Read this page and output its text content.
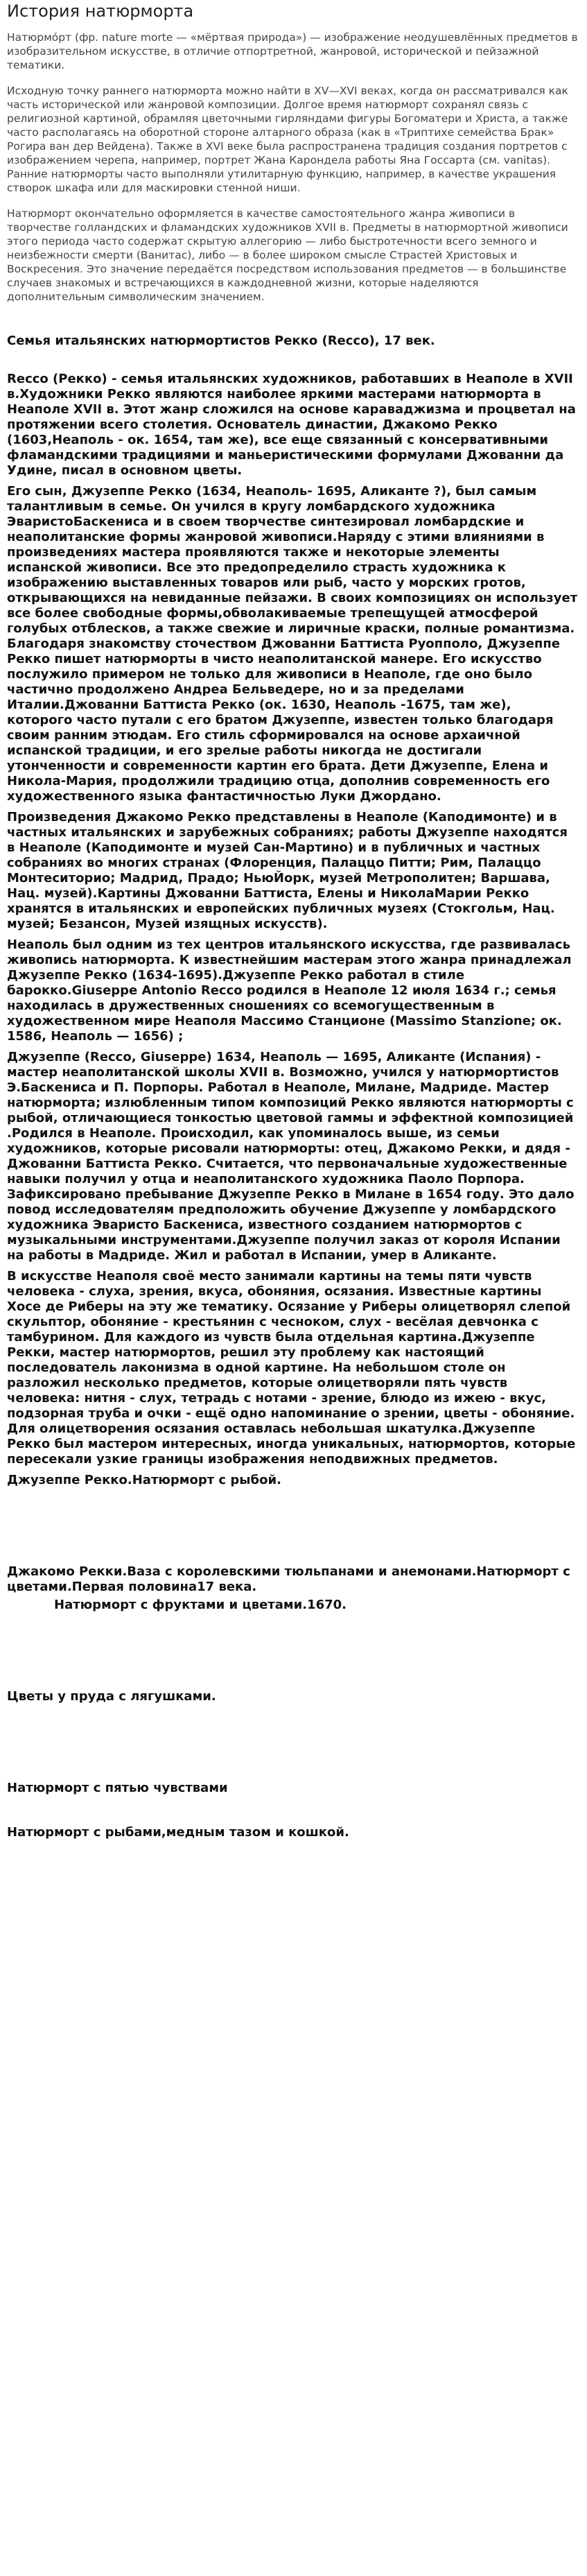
История натюрморта

Натюрмо́рт (фр. nature morte — «мёртвая природа») — изображение неодушевлённых предметов в изобразительном искусстве, в отличие отпортретной, жанровой, исторической и пейзажной тематики.

Исходную точку раннего натюрморта можно найти в XV—XVI веках, когда он рассматривался как часть исторической или жанровой композиции. Долгое время натюрморт сохранял связь с религиозной картиной, обрамляя цветочными гирляндами фигуры Богоматери и Христа, а также часто располагаясь на оборотной стороне алтарного образа (как в «Триптихе семейства Брак» Рогира ван дер Вейдена). Также в XVI веке была распространена традиция создания портретов с изображением черепа, например, портрет Жана Карондела работы Яна Госсарта (см. vanitas). Ранние натюрморты часто выполняли утилитарную функцию, например, в качестве украшения створок шкафа или для маскировки стенной ниши.

Натюрморт окончательно оформляется в качестве самостоятельного жанра живописи в творчестве голландских и фламандских художников XVII в. Предметы в натюрмортной живописи этого периода часто содержат скрытую аллегорию — либо быстротечности всего земного и неизбежности смерти (Ванитас), либо — в более широком смысле Страстей Христовых и Воскресения. Это значение передаётся посредством использования предметов — в большинстве случаев знакомых и встречающихся в каждодневной жизни, которые наделяются дополнительным символическим значением.

Семья итальянских натюрмортистов Рекко (Recco), 17 век.

Recco (Рекко) - семья итальянских художников, работавших в Неаполе в XVII в.Художники Рекко являются наиболее яркими мастерами натюрморта в Неаполе XVII в. Этот жанр сложился на основе караваджизма и процветал на протяжении всего столетия. Основатель династии, Джакомо Рекко (1603,Неаполь - ок. 1654, там же), все еще связанный с консервативными фламандскими традициями и маньеристическими формулами Джованни да Удине, писал в основном цветы.

Его сын, Джузеппе Рекко (1634, Неаполь- 1695, Аликанте ?), был самым талантливым в семье. Он учился в кругу ломбардского художника ЭваристоБаскениса и в своем творчестве синтезировал ломбардские и неаполитанские формы жанровой живописи.Наряду с этими влияниями в произведениях мастера проявляются также и некоторые элементы испанской живописи. Все это предопределило страсть художника к изображению выставленных товаров или рыб, часто у морских гротов, открывающихся на невиданные пейзажи. В своих композициях он использует все более свободные формы,обволакиваемые трепещущей атмосферой голубых отблесков, а также свежие и лиричные краски, полные романтизма. Благодаря знакомству сточеством Джованни Баттиста Руопполо, Джузеппе Рекко пишет натюрморты в чисто неаполитанской манере. Его искусство послужило примером не только для живописи в Неаполе, где оно было частично продолжено Андреа Бельведере, но и за пределами Италии.Джованни Баттиста Рекко (ок. 1630, Неаполь -1675, там же), которого часто путали с его братом Джузеппе, известен только благодаря своим ранним этюдам. Его стиль сформировался на основе архаичной испанской традиции, и его зрелые работы никогда не достигали утонченности и современности картин его брата. Дети Джузеппе, Елена и Никола-Мария, продолжили традицию отца, дополнив современность его художественного языка фантастичностью Луки Джордано.

Произведения Джакомо Рекко представлены в Неаполе (Каподимонте) и в частных итальянских и зарубежных собраниях; работы Джузеппе находятся в Неаполе (Каподимонте и музей Сан-Мартино) и в публичных и частных собраниях во многих странах (Флоренция, Палаццо Питти; Рим, Палаццо Монтеситорио; Мадрид, Прадо; НьюЙорк, музей Метрополитен; Варшава, Нац. музей).Картины Джованни Баттиста, Елены и НиколаМарии Рекко хранятся в итальянских и европейских публичных музеях (Стокгольм, Нац. музей; Безансон, Музей изящных искусств).

Неаполь был одним из тех центров итальянского искусства, где развивалась живопись натюрморта. К известнейшим мастерам этого жанра принадлежал Джузеппе Рекко (1634-1695).Джузеппе Рекко работал в стиле барокко.Giuseppe Antonio Recco родился в Неаполе 12 июля 1634 г.; семья находилась в дружественных сношениях со всемогущественным в художественном мире Неаполя Массимо Станционе (Massimo Stanzione; ок. 1586, Неаполь — 1656) ;

Джузеппе (Recco, Giuseppe) 1634, Неаполь — 1695, Аликанте (Испания) - мастер неаполитанской школы XVII в. Возможно, учился у натюрмортистов Э.Баскениса и П. Порпоры. Работал в Неаполе, Милане, Мадриде. Мастер натюрморта; излюбленным типом композиций Рекко являются натюрморты с рыбой, отличающиеся тонкостью цветовой гаммы и эффектной композицией .Родился в Неаполе. Происходил, как упоминалось выше, из семьи художников, которые рисовали натюрморты: отец, Джакомо Рекки, и дядя - Джованни Баттиста Рекко. Считается, что первоначальные художественные навыки получил у отца и неаполитанского художника Паоло Порпора. Зафиксировано пребывание Джузеппе Рекко в Милане в 1654 году. Это дало повод исследователям предположить обучение Джузеппе у ломбардского художника Эваристо Баскениса, известного созданием натюрмортов с музыкальными инструментами.Джузеппе получил заказ от короля Испании на работы в Мадриде. Жил и работал в Испании, умер в Аликанте.

В искусстве Неаполя своё место занимали картины на темы пяти чувств человека - слуха, зрения, вкуса, обоняния, осязания. Известные картины Хосе де Риберы на эту же тематику. Осязание у Риберы олицетворял слепой скульптор, обоняние - крестьянин с чесноком, слух - весёлая девчонка с тамбурином. Для каждого из чувств была отдельная картина.Джузеппе Рекки, мастер натюрмортов, решил эту проблему как настоящий последователь лаконизма в одной картине. На небольшом столе он разложил несколько предметов, которые олицетворяли пять чувств человека: нитня - слух, тетрадь с нотами - зрение, блюдо из ижею - вкус, подзорная труба и очки - ещё одно напоминание о зрении, цветы - обоняние. Для олицетворения осязания оставлась небольшая шкатулка.Джузеппе Рекко был мастером интересных, иногда уникальных, натюрмортов, которые пересекали узкие границы изображения неподвижных предметов.

Джузеппе Рекко.Натюрморт с рыбой.

Джакомо Рекки.Ваза с королевскими тюльпанами и анемонами.Натюрморт с цветами.Первая половина17 века.

Натюрморт с фруктами и цветами.1670.

Цветы у пруда с лягушками.

Натюрморт с пятью чувствами

Натюрморт с рыбами,медным тазом и кошкой.
